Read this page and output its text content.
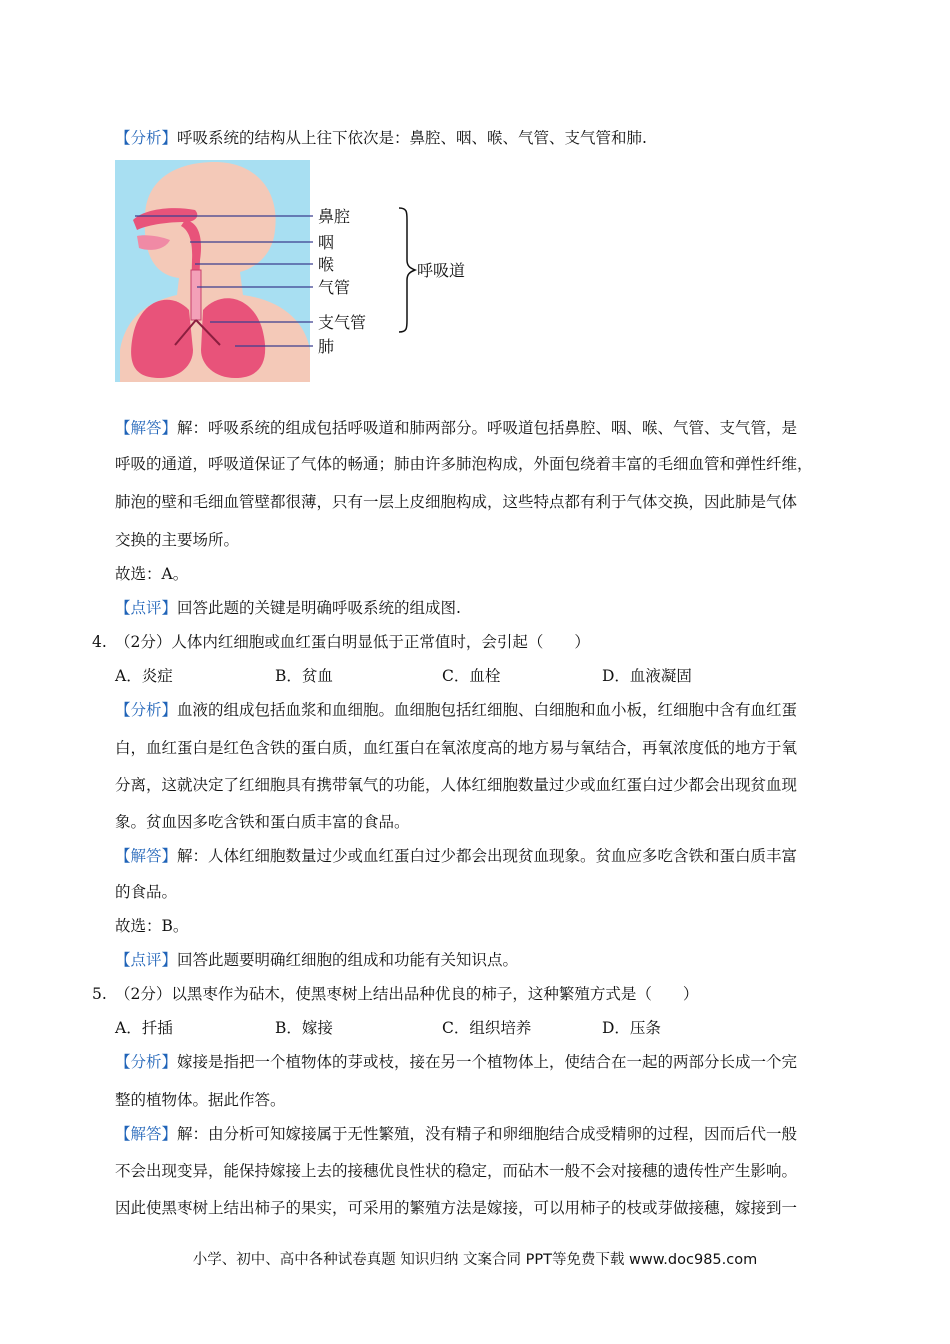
【分析】呼吸系统的结构从上往下依次是：鼻腔、咽、喉、气管、支气管和肺.
鼻腔
咽
喉
气管
支气管
肺
呼吸道
【解答】解：呼吸系统的组成包括呼吸道和肺两部分。呼吸道包括鼻腔、咽、喉、气管、支气管，是
呼吸的通道，呼吸道保证了气体的畅通；肺由许多肺泡构成，外面包绕着丰富的毛细血管和弹性纤维，
肺泡的壁和毛细血管壁都很薄，只有一层上皮细胞构成，这些特点都有利于气体交换，因此肺是气体
交换的主要场所。
故选：A。
【点评】回答此题的关键是明确呼吸系统的组成图.
4. （2分）人体内红细胞或血红蛋白明显低于正常值时，会引起（　　）
A．炎症	B．贫血	C．血栓	D．血液凝固
【分析】血液的组成包括血浆和血细胞。血细胞包括红细胞、白细胞和血小板，红细胞中含有血红蛋
白，血红蛋白是红色含铁的蛋白质，血红蛋白在氧浓度高的地方易与氧结合，再氧浓度低的地方于氧
分离，这就决定了红细胞具有携带氧气的功能，人体红细胞数量过少或血红蛋白过少都会出现贫血现
象。贫血因多吃含铁和蛋白质丰富的食品。
【解答】解：人体红细胞数量过少或血红蛋白过少都会出现贫血现象。贫血应多吃含铁和蛋白质丰富
的食品。
故选：B。
【点评】回答此题要明确红细胞的组成和功能有关知识点。
5. （2分）以黑枣作为砧木，使黑枣树上结出品种优良的柿子，这种繁殖方式是（　　）
A．扦插	B．嫁接	C．组织培养	D．压条
【分析】嫁接是指把一个植物体的芽或枝，接在另一个植物体上，使结合在一起的两部分长成一个完
整的植物体。据此作答。
【解答】解：由分析可知嫁接属于无性繁殖，没有精子和卵细胞结合成受精卵的过程，因而后代一般
不会出现变异，能保持嫁接上去的接穗优良性状的稳定，而砧木一般不会对接穗的遗传性产生影响。
因此使黑枣树上结出柿子的果实，可采用的繁殖方法是嫁接，可以用柿子的枝或芽做接穗，嫁接到一
小学、初中、高中各种试卷真题 知识归纳 文案合同 PPT等免费下载 www.doc985.com
